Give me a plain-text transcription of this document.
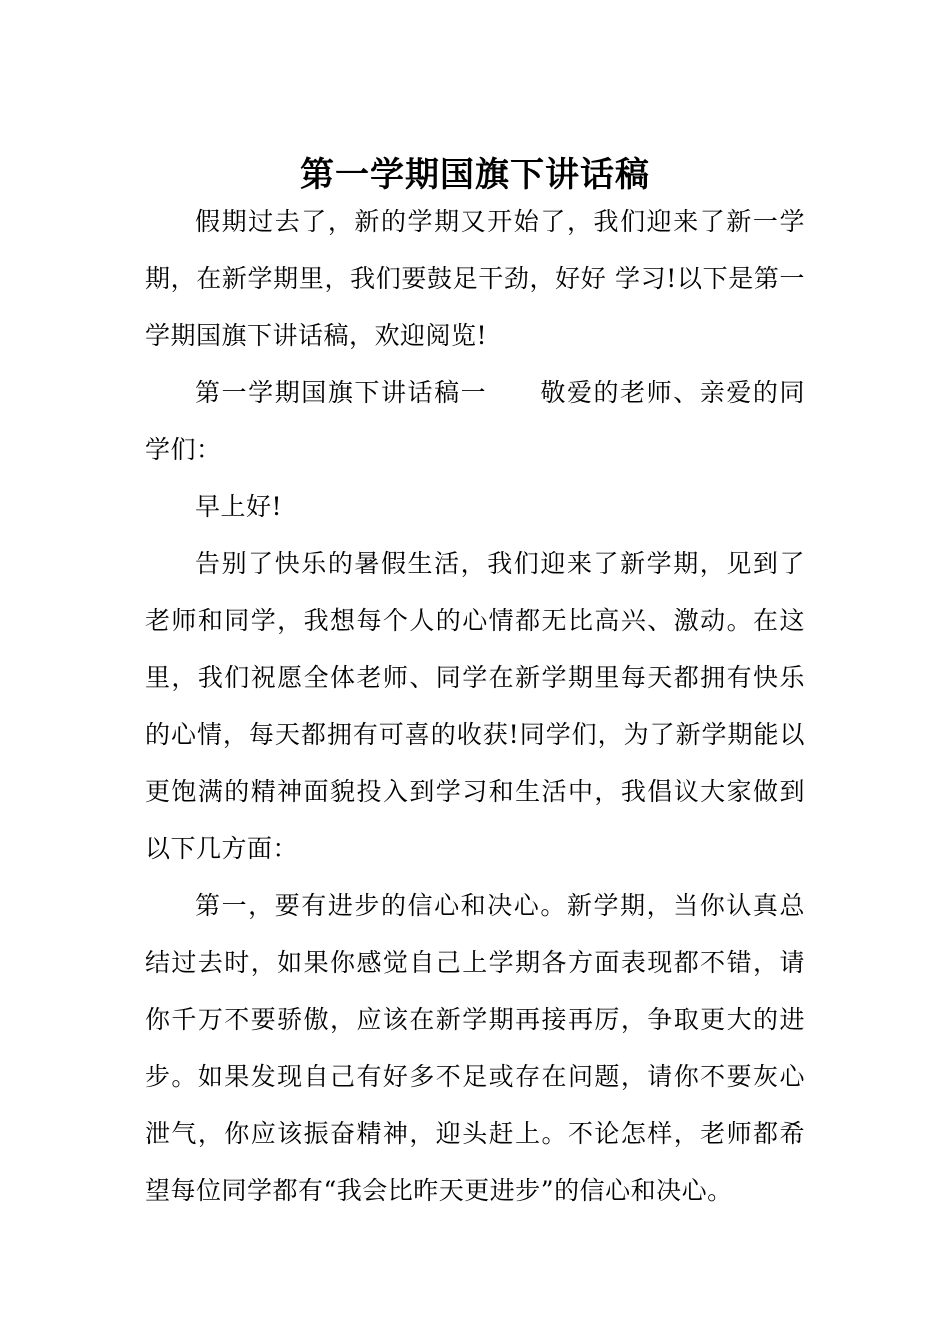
第一学期国旗下讲话稿

假期过去了，新的学期又开始了，我们迎来了新一学期，在新学期里，我们要鼓足干劲，好好 学习!以下是第一学期国旗下讲话稿，欢迎阅览!

第一学期国旗下讲话稿一　　敬爱的老师、亲爱的同学们：

早上好!

告别了快乐的暑假生活，我们迎来了新学期，见到了老师和同学，我想每个人的心情都无比高兴、激动。在这里，我们祝愿全体老师、同学在新学期里每天都拥有快乐的心情，每天都拥有可喜的收获!同学们，为了新学期能以更饱满的精神面貌投入到学习和生活中，我倡议大家做到以下几方面：

第一，要有进步的信心和决心。新学期，当你认真总结过去时，如果你感觉自己上学期各方面表现都不错，请你千万不要骄傲，应该在新学期再接再厉，争取更大的进步。如果发现自己有好多不足或存在问题，请你不要灰心泄气，你应该振奋精神，迎头赶上。不论怎样，老师都希望每位同学都有“我会比昨天更进步”的信心和决心。
